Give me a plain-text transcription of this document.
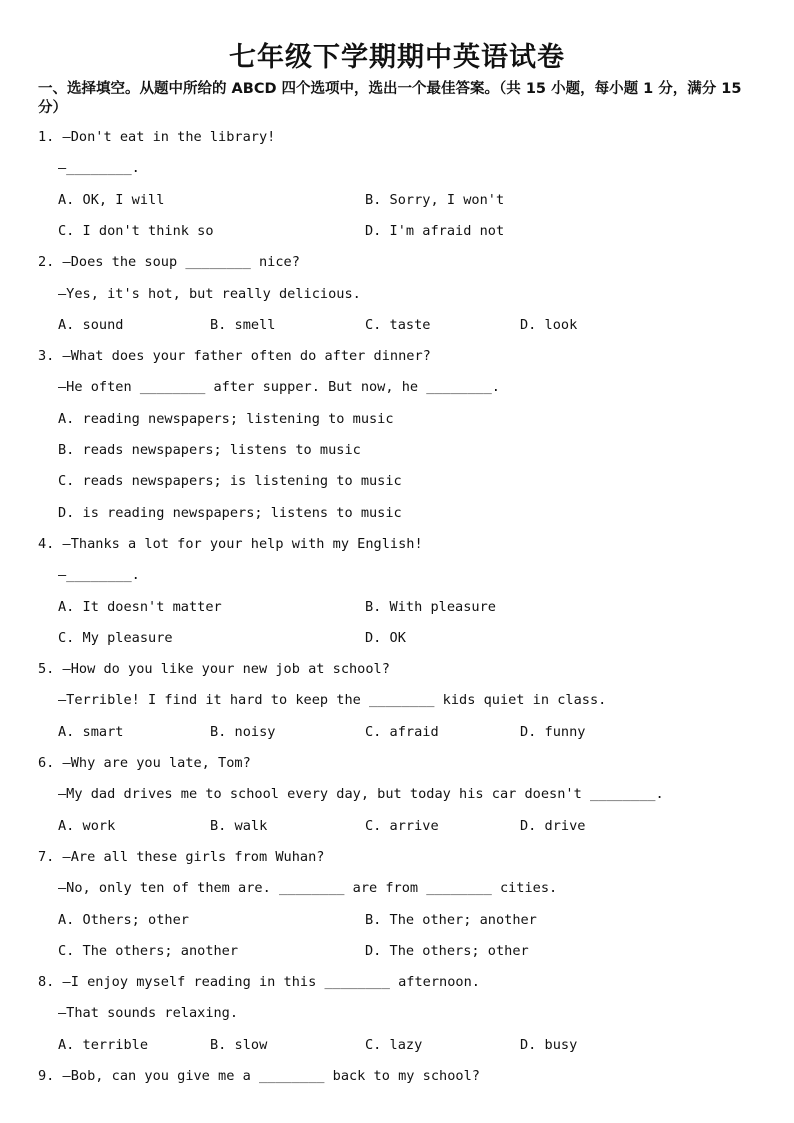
七年级下学期期中英语试卷
一、选择填空。从题中所给的 ABCD 四个选项中，选出一个最佳答案。（共 15 小题，每小题 1 分，满分 15 分）
1. —Don't eat in the library!
—________.
A. OK, I will	B. Sorry, I won't
C. I don't think so	D. I'm afraid not
2. —Does the soup ________ nice?
—Yes, it's hot, but really delicious.
A. sound	B. smell	C. taste	D. look
3. —What does your father often do after dinner?
—He often ________ after supper. But now, he ________.
A. reading newspapers; listening to music
B. reads newspapers; listens to music
C. reads newspapers; is listening to music
D. is reading newspapers; listens to music
4. —Thanks a lot for your help with my English!
—________.
A. It doesn't matter	B. With pleasure
C. My pleasure	D. OK
5. —How do you like your new job at school?
—Terrible! I find it hard to keep the ________ kids quiet in class.
A. smart	B. noisy	C. afraid	D. funny
6. —Why are you late, Tom?
—My dad drives me to school every day, but today his car doesn't ________.
A. work	B. walk	C. arrive	D. drive
7. —Are all these girls from Wuhan?
—No, only ten of them are. ________ are from ________ cities.
A. Others; other	B. The other; another
C. The others; another	D. The others; other
8. —I enjoy myself reading in this ________ afternoon.
—That sounds relaxing.
A. terrible	B. slow	C. lazy	D. busy
9. —Bob, can you give me a ________ back to my school?
